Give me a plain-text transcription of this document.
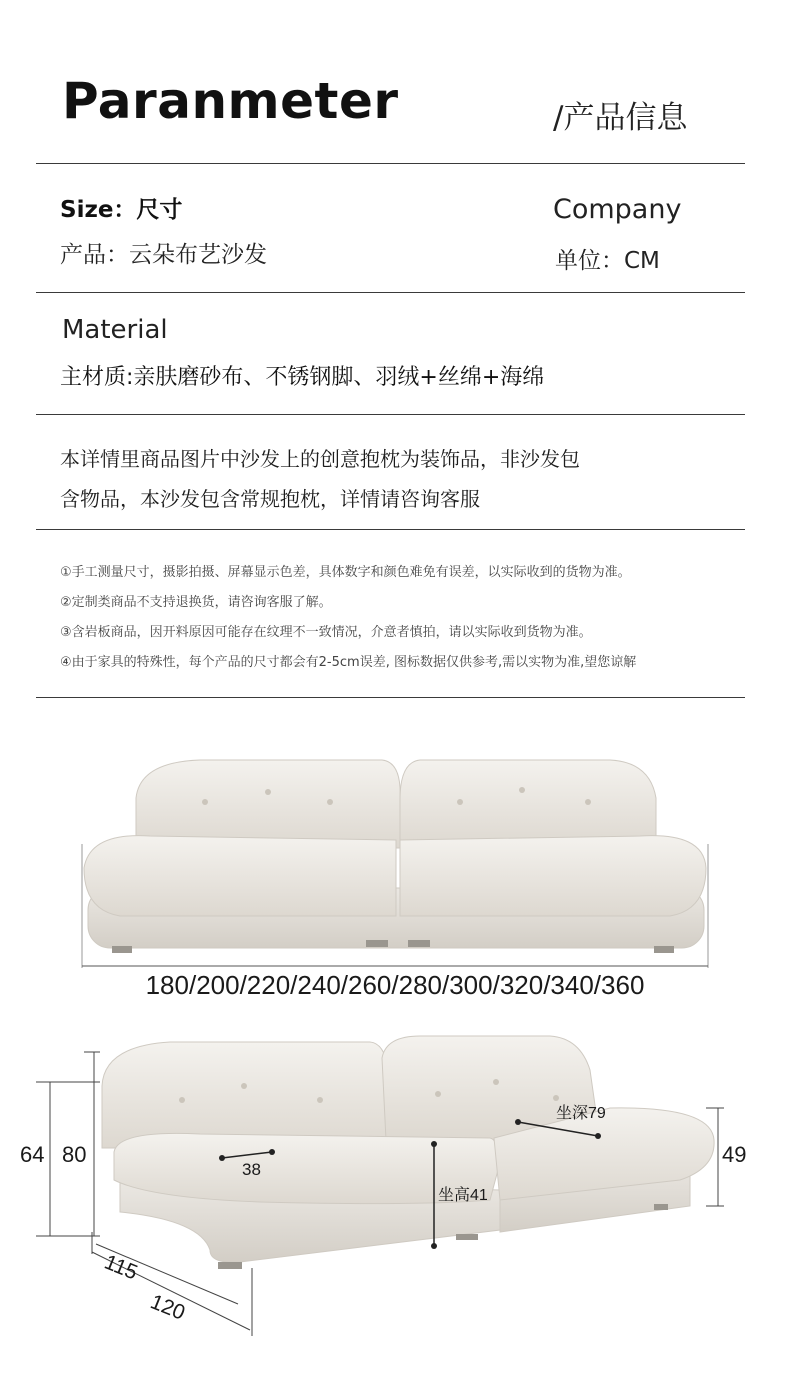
Paranmeter	/产品信息
Size：尺寸	Company
产品：云朵布艺沙发	单位：CM
Material
主材质:亲肤磨砂布、不锈钢脚、羽绒+丝绵+海绵
本详情里商品图片中沙发上的创意抱枕为装饰品，非沙发包
含物品，本沙发包含常规抱枕，详情请咨询客服
①手工测量尺寸，摄影拍摄、屏幕显示色差，具体数字和颜色难免有误差，以实际收到的货物为准。
②定制类商品不支持退换货，请咨询客服了解。
③含岩板商品，因开料原因可能存在纹理不一致情况，介意者慎拍，请以实际收到货物为准。
④由于家具的特殊性，每个产品的尺寸都会有2-5cm误差, 图标数据仅供参考,需以实物为准,望您谅解
180/200/220/240/260/280/300/320/340/360
64 80	49
坐深79
坐高41
38
115
120
